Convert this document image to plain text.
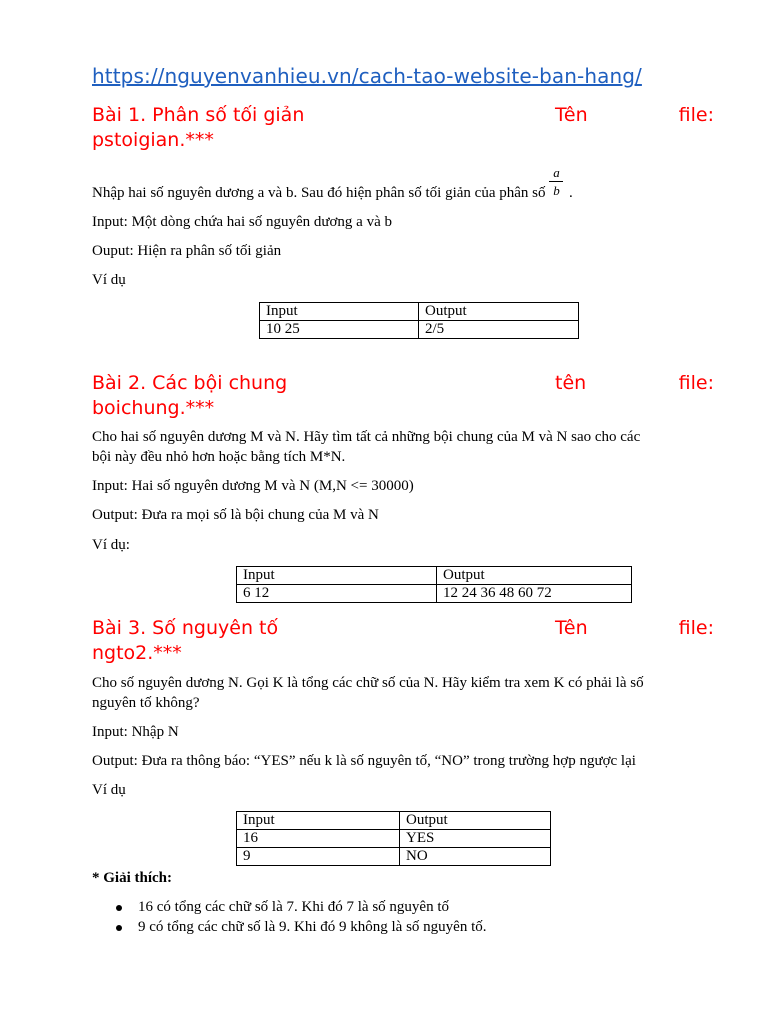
https://nguyenvanhieu.vn/cach-tao-website-ban-hang/
Bài 1. Phân số tối giản	file:
Tên
pstoigian.***
Nhập hai số nguyên dương a và b. Sau đó hiện phân số tối giản của phân số $\frac{a}{b}$ .
Input: Một dòng chứa hai số nguyên dương a và b
Ouput: Hiện ra phân số tối giản
Ví dụ
Input	Output
10 25	2/5
Bài 2. Các bội chung	file:
tên
boichung.***
Cho hai số nguyên dương M và N. Hãy tìm tất cả những bội chung của M và N sao cho các
bội này đều nhỏ hơn hoặc bằng tích M*N.
Input: Hai số nguyên dương M và N (M,N <= 30000)
Output: Đưa ra mọi số là bội chung của M và N
Ví dụ:
Input	Output
6 12	12 24 36 48 60 72
Bài 3. Số nguyên tố	file:
Tên
ngto2.***
Cho số nguyên dương N. Gọi K là tổng các chữ số của N. Hãy kiểm tra xem K có phải là số
nguyên tố không?
Input: Nhập N
Output: Đưa ra thông báo: “YES” nếu k là số nguyên tố, “NO” trong trường hợp ngược lại
Ví dụ
Input	Output
16	YES
9	NO
* Giải thích:
16 có tổng các chữ số là 7. Khi đó 7 là số nguyên tố
9 có tổng các chữ số là 9. Khi đó 9 không là số nguyên tố.
